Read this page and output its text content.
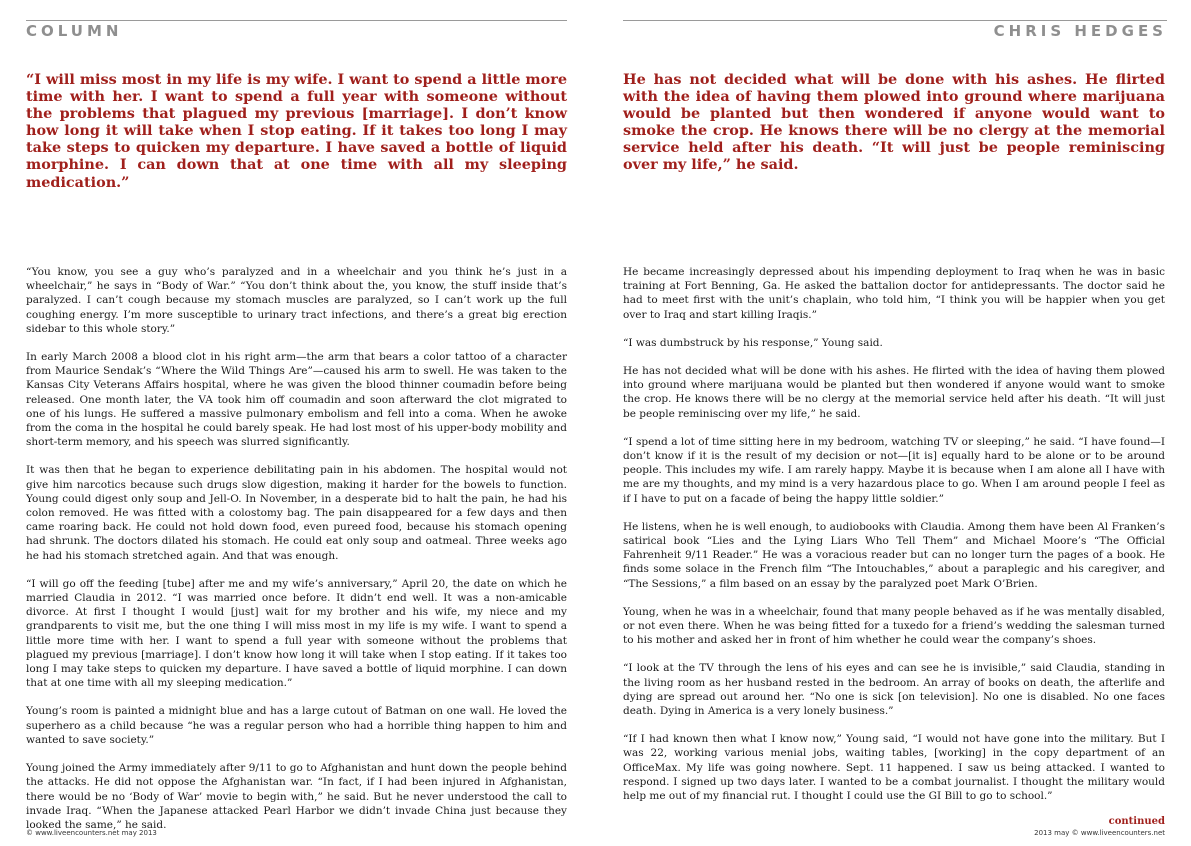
COLUMN	CHRIS HEDGES

“I will miss most in my life is my wife. I want to spend a little more time with her. I want to spend a full year with someone without the problems that plagued my previous [marriage]. I don’t know how long it will take when I stop eating. If it takes too long I may take steps to quicken my departure. I have saved a bottle of liquid morphine. I can down that at one time with all my sleeping medication.”

He has not decided what will be done with his ashes. He flirted with the idea of having them plowed into ground where marijuana would be planted but then wondered if anyone would want to smoke the crop. He knows there will be no clergy at the memorial service held after his death. “It will just be people reminiscing over my life,” he said.

“You know, you see a guy who’s paralyzed and in a wheelchair and you think he’s just in a wheelchair,” he says in “Body of War.” “You don’t think about the, you know, the stuff inside that’s paralyzed. I can’t cough because my stomach muscles are paralyzed, so I can’t work up the full coughing energy. I’m more susceptible to urinary tract infections, and there’s a great big erection sidebar to this whole story.”

In early March 2008 a blood clot in his right arm—the arm that bears a color tattoo of a character from Maurice Sendak’s “Where the Wild Things Are”—caused his arm to swell. He was taken to the Kansas City Veterans Affairs hospital, where he was given the blood thinner coumadin before being released. One month later, the VA took him off coumadin and soon afterward the clot migrated to one of his lungs. He suffered a massive pulmonary embolism and fell into a coma. When he awoke from the coma in the hospital he could barely speak. He had lost most of his upper-body mobility and short-term memory, and his speech was slurred significantly.

It was then that he began to experience debilitating pain in his abdomen. The hospital would not give him narcotics because such drugs slow digestion, making it harder for the bowels to function. Young could digest only soup and Jell-O. In November, in a desperate bid to halt the pain, he had his colon removed. He was fitted with a colostomy bag. The pain disappeared for a few days and then came roaring back. He could not hold down food, even pureed food, because his stomach opening had shrunk. The doctors dilated his stomach. He could eat only soup and oatmeal. Three weeks ago he had his stomach stretched again. And that was enough.

“I will go off the feeding [tube] after me and my wife’s anniversary,” April 20, the date on which he married Claudia in 2012. “I was married once before. It didn’t end well. It was a non-amicable divorce. At first I thought I would [just] wait for my brother and his wife, my niece and my grandparents to visit me, but the one thing I will miss most in my life is my wife. I want to spend a little more time with her. I want to spend a full year with someone without the problems that plagued my previous [marriage]. I don’t know how long it will take when I stop eating. If it takes too long I may take steps to quicken my departure. I have saved a bottle of liquid morphine. I can down that at one time with all my sleeping medication.”

Young’s room is painted a midnight blue and has a large cutout of Batman on one wall. He loved the superhero as a child because “he was a regular person who had a horrible thing happen to him and wanted to save society.”

Young joined the Army immediately after 9/11 to go to Afghanistan and hunt down the people behind the attacks. He did not oppose the Afghanistan war. “In fact, if I had been injured in Afghanistan, there would be no ‘Body of War’ movie to begin with,” he said. But he never understood the call to invade Iraq. “When the Japanese attacked Pearl Harbor we didn’t invade China just because they looked the same,” he said.

He became increasingly depressed about his impending deployment to Iraq when he was in basic training at Fort Benning, Ga. He asked the battalion doctor for antidepressants. The doctor said he had to meet first with the unit’s chaplain, who told him, “I think you will be happier when you get over to Iraq and start killing Iraqis.”

“I was dumbstruck by his response,” Young said.

He has not decided what will be done with his ashes. He flirted with the idea of having them plowed into ground where marijuana would be planted but then wondered if anyone would want to smoke the crop. He knows there will be no clergy at the memorial service held after his death. “It will just be people reminiscing over my life,” he said.

“I spend a lot of time sitting here in my bedroom, watching TV or sleeping,” he said. “I have found—I don’t know if it is the result of my decision or not—[it is] equally hard to be alone or to be around people. This includes my wife. I am rarely happy. Maybe it is because when I am alone all I have with me are my thoughts, and my mind is a very hazardous place to go. When I am around people I feel as if I have to put on a facade of being the happy little soldier.”

He listens, when he is well enough, to audiobooks with Claudia. Among them have been Al Franken’s satirical book “Lies and the Lying Liars Who Tell Them” and Michael Moore’s “The Official Fahrenheit 9/11 Reader.” He was a voracious reader but can no longer turn the pages of a book. He finds some solace in the French film “The Intouchables,” about a paraplegic and his caregiver, and “The Sessions,” a film based on an essay by the paralyzed poet Mark O’Brien.

Young, when he was in a wheelchair, found that many people behaved as if he was mentally disabled, or not even there. When he was being fitted for a tuxedo for a friend’s wedding the salesman turned to his mother and asked her in front of him whether he could wear the company’s shoes.

“I look at the TV through the lens of his eyes and can see he is invisible,” said Claudia, standing in the living room as her husband rested in the bedroom. An array of books on death, the afterlife and dying are spread out around her. “No one is sick [on television]. No one is disabled. No one faces death. Dying in America is a very lonely business.”

“If I had known then what I know now,” Young said, “I would not have gone into the military. But I was 22, working various menial jobs, waiting tables, [working] in the copy department of an OfficeMax. My life was going nowhere. Sept. 11 happened. I saw us being attacked. I wanted to respond. I signed up two days later. I wanted to be a combat journalist. I thought the military would help me out of my financial rut. I thought I could use the GI Bill to go to school.”

continued
© www.liveencounters.net may 2013	2013 may © www.liveencounters.net
